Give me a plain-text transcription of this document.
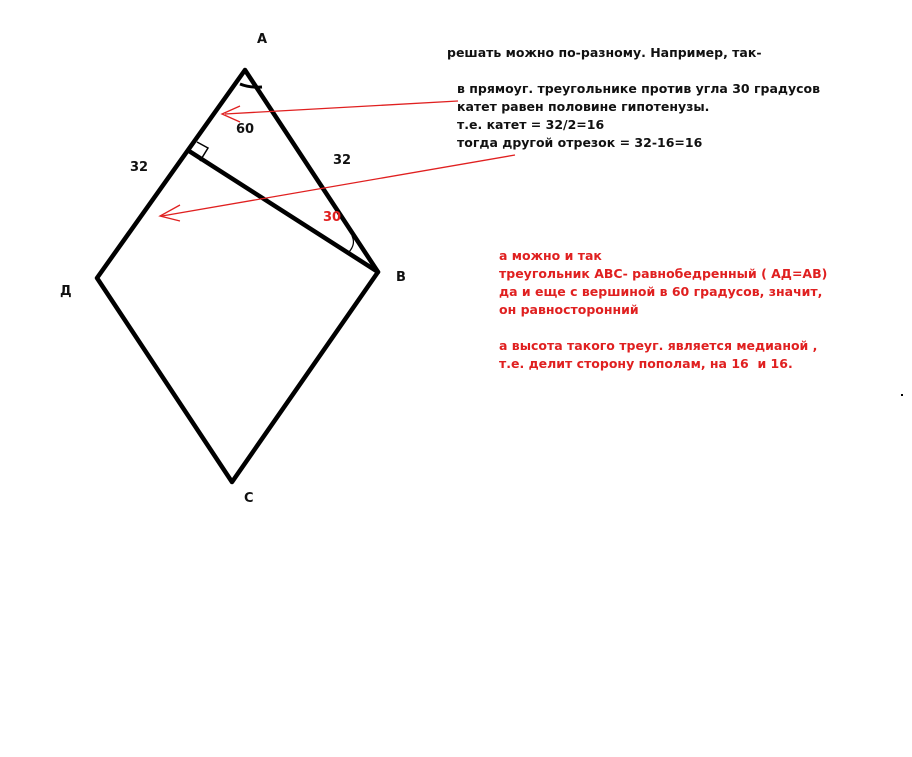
А
В
С
Д
32	32
60
30
решать можно по-разному. Например, так-
в прямоуг. треугольнике против угла 30 градусов
катет равен половине гипотенузы.
т.е. катет = 32/2=16
тогда другой отрезок = 32-16=16
а можно и так
треугольник АВС- равнобедренный ( АД=АВ)
да и еще с вершиной в 60 градусов, значит,
он равносторонний
а высота такого треуг. является медианой ,
т.е. делит сторону пополам, на 16  и 16.
